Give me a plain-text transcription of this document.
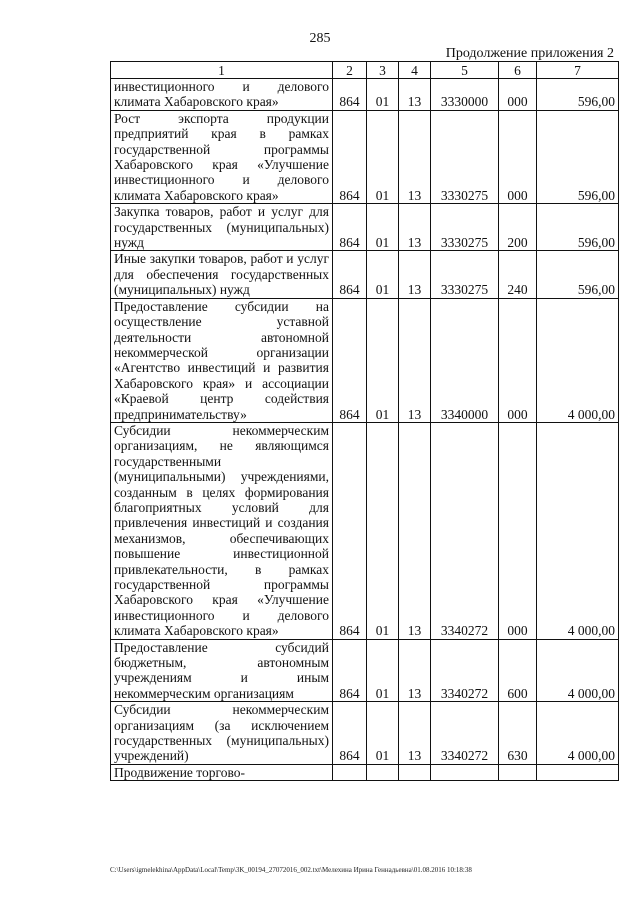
285
Продолжение приложения 2
1	2	3	4	5	6	7
инвестиционного и делового климата Хабаровского края»	864	01	13	3330000	000	596,00
Рост экспорта продукции предприятий края в рамках государственной программы Хабаровского края «Улучшение инвестиционного и делового климата Хабаровского края»	864	01	13	3330275	000	596,00
Закупка товаров, работ и услуг для государственных (муниципальных) нужд	864	01	13	3330275	200	596,00
Иные закупки товаров, работ и услуг для обеспечения государственных (муниципальных) нужд	864	01	13	3330275	240	596,00
Предоставление субсидии на осуществление уставной деятельности автономной некоммерческой организации «Агентство инвестиций и развития Хабаровского края» и ассоциации «Краевой центр содействия предпринимательству»	864	01	13	3340000	000	4 000,00
Субсидии некоммерческим организациям, не являющимся государственными (муниципальными) учреждениями, созданным в целях формирования благоприятных условий для привлечения инвестиций и создания механизмов, обеспечивающих повышение инвестиционной привлекательности, в рамках государственной программы Хабаровского края «Улучшение инвестиционного и делового климата Хабаровского края»	864	01	13	3340272	000	4 000,00
Предоставление субсидий бюджетным, автономным учреждениям и иным некоммерческим организациям	864	01	13	3340272	600	4 000,00
Субсидии некоммерческим организациям (за исключением государственных (муниципальных) учреждений)	864	01	13	3340272	630	4 000,00
Продвижение торгово-						
C:\Users\igmelekhina\AppData\Local\Temp\3K_00194_27072016_002.txt\Мелехина Ирина Геннадьевна\01.08.2016 10:18:38
